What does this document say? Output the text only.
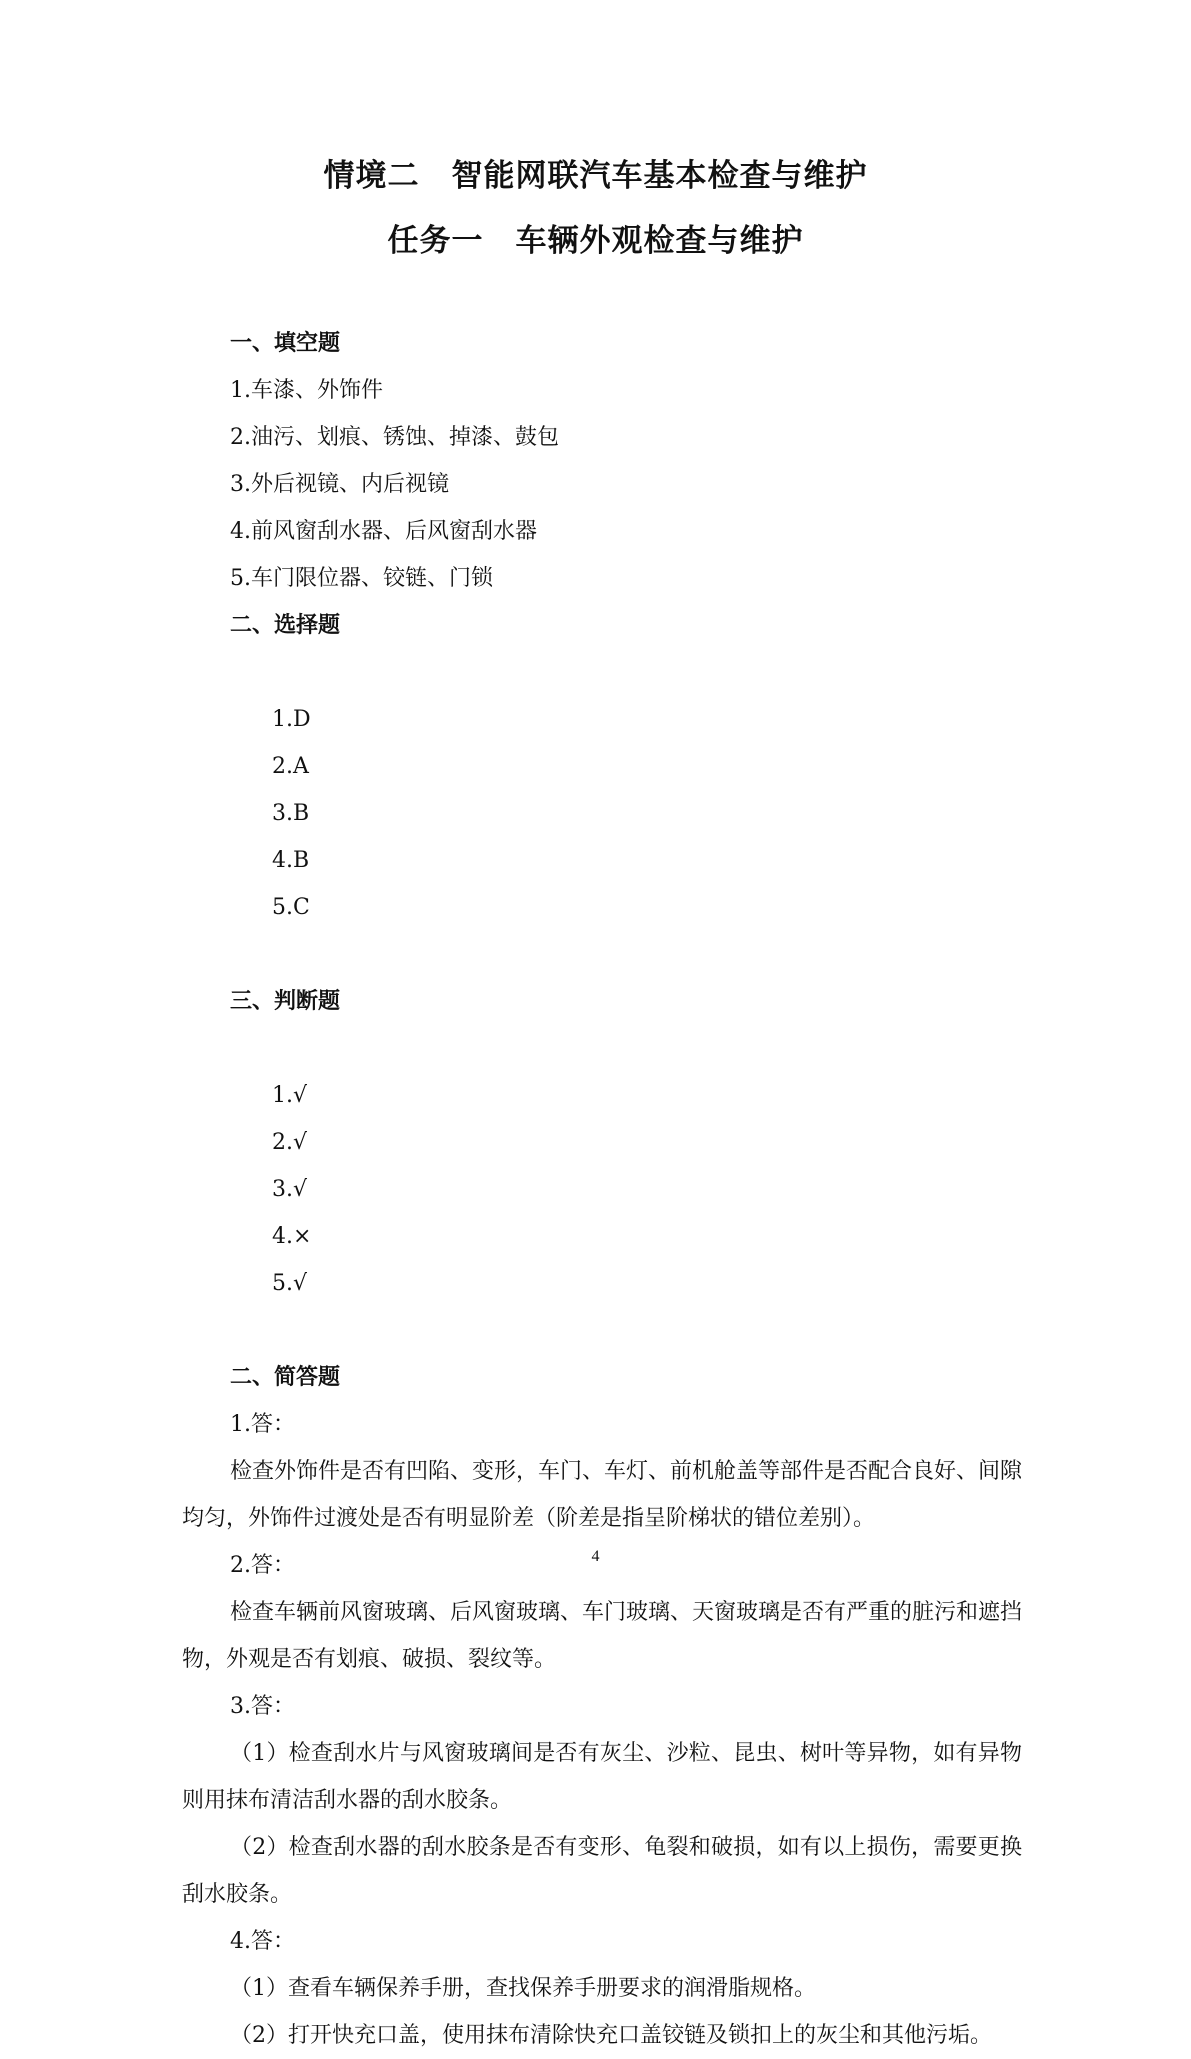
情境二　智能网联汽车基本检查与维护
任务一　车辆外观检查与维护
一、填空题
1.车漆、外饰件
2.油污、划痕、锈蚀、掉漆、鼓包
3.外后视镜、内后视镜
4.前风窗刮水器、后风窗刮水器
5.车门限位器、铰链、门锁
二、选择题

1.D
2.A
3.B
4.B
5.C

三、判断题

1.√
2.√
3.√
4.×
5.√

二、简答题
1.答：
检查外饰件是否有凹陷、变形，车门、车灯、前机舱盖等部件是否配合良好、间隙均匀，外饰件过渡处是否有明显阶差（阶差是指呈阶梯状的错位差别）。
2.答：
检查车辆前风窗玻璃、后风窗玻璃、车门玻璃、天窗玻璃是否有严重的脏污和遮挡物，外观是否有划痕、破损、裂纹等。
3.答：
（1）检查刮水片与风窗玻璃间是否有灰尘、沙粒、昆虫、树叶等异物，如有异物则用抹布清洁刮水器的刮水胶条。
（2）检查刮水器的刮水胶条是否有变形、龟裂和破损，如有以上损伤，需要更换刮水胶条。
4.答：
（1）查看车辆保养手册，查找保养手册要求的润滑脂规格。
（2）打开快充口盖，使用抹布清除快充口盖铰链及锁扣上的灰尘和其他污垢。
4
